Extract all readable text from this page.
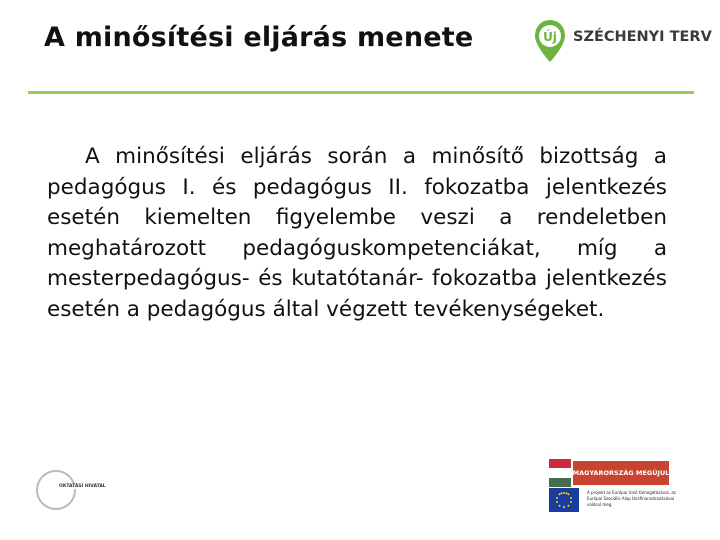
A minősítési eljárás menete	Új SZÉCHENYI TERV

A minősítési eljárás során a minősítő bizottság a pedagógus I. és pedagógus II. fokozatba jelentkezés esetén kiemelten figyelembe veszi a rendeletben meghatározott pedagóguskompetenciákat, míg a mesterpedagógus- és kutatótanár- fokozatba jelentkezés esetén a pedagógus által végzett tevékenységeket.

OKTATÁSI HIVATAL
MAGYARORSZÁG MEGÚJUL
A projekt az Európai Unió támogatásával, az Európai Szociális Alap társfinanszírozásával valósul meg.
